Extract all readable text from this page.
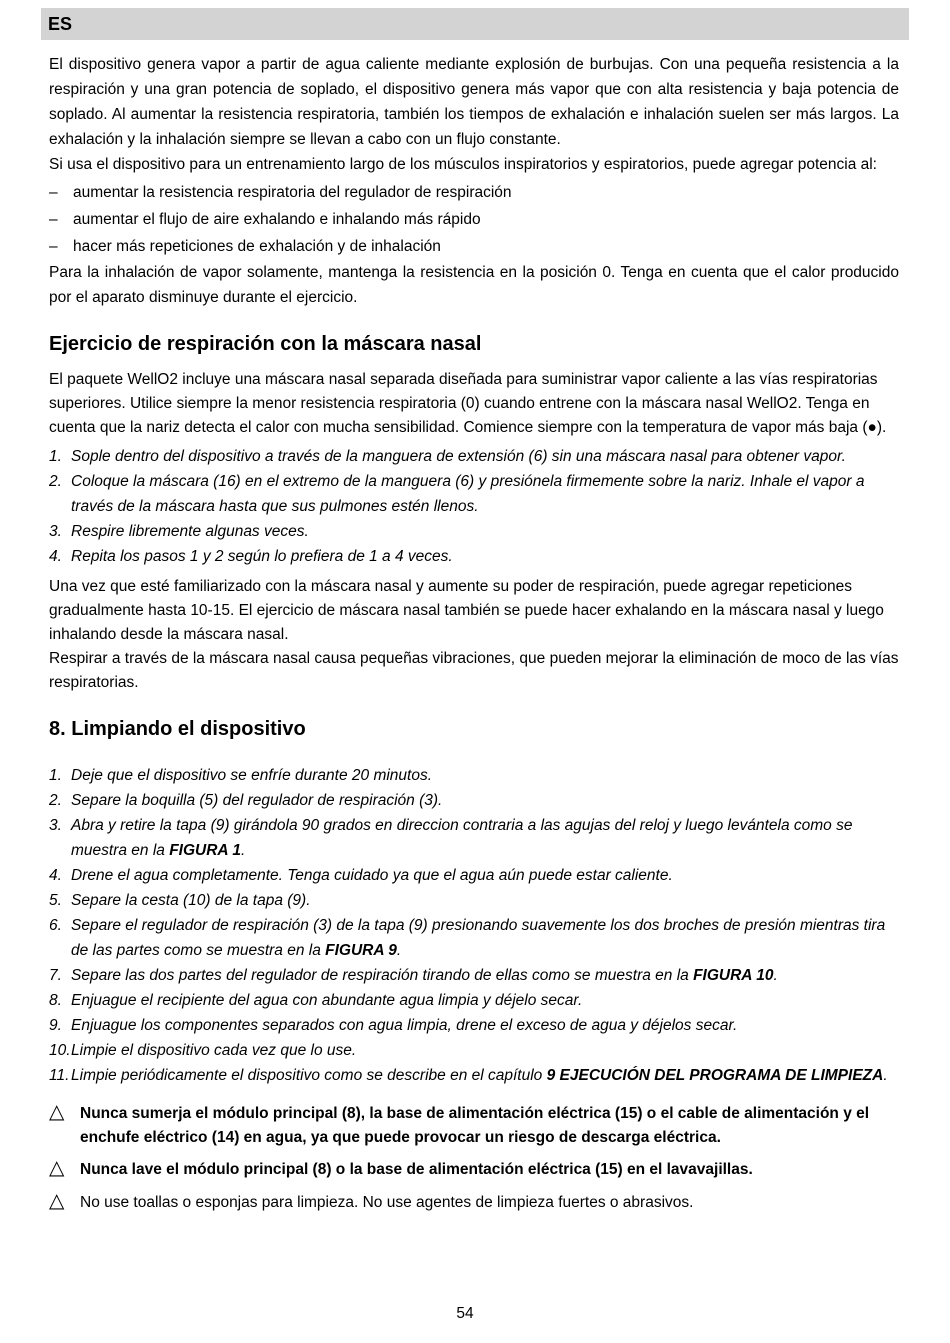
ES

El dispositivo genera vapor a partir de agua caliente mediante explosión de burbujas. Con una pequeña resistencia a la respiración y una gran potencia de soplado, el dispositivo genera más vapor que con alta resistencia y baja potencia de soplado. Al aumentar la resistencia respiratoria, también los tiempos de exhalación e inhalación suelen ser más largos. La exhalación y la inhalación siempre se llevan a cabo con un flujo constante.

Si usa el dispositivo para un entrenamiento largo de los músculos inspiratorios y espiratorios, puede agregar potencia al:

– aumentar la resistencia respiratoria del regulador de respiración
– aumentar el flujo de aire exhalando e inhalando más rápido
– hacer más repeticiones de exhalación y de inhalación

Para la inhalación de vapor solamente, mantenga la resistencia en la posición 0. Tenga en cuenta que el calor producido por el aparato disminuye durante el ejercicio.

Ejercicio de respiración con la máscara nasal

El paquete WellO2 incluye una máscara nasal separada diseñada para suministrar vapor caliente a las vías respiratorias superiores. Utilice siempre la menor resistencia respiratoria (0) cuando entrene con la máscara nasal WellO2. Tenga en cuenta que la nariz detecta el calor con mucha sensibilidad. Comience siempre con la temperatura de vapor más baja (●).

1. Sople dentro del dispositivo a través de la manguera de extensión (6) sin una máscara nasal para obtener vapor.
2. Coloque la máscara (16) en el extremo de la manguera (6) y presiónela firmemente sobre la nariz. Inhale el vapor a través de la máscara hasta que sus pulmones estén llenos.
3. Respire libremente algunas veces.
4. Repita los pasos 1 y 2 según lo prefiera de 1 a 4 veces.

Una vez que esté familiarizado con la máscara nasal y aumente su poder de respiración, puede agregar repeticiones gradualmente hasta 10-15. El ejercicio de máscara nasal también se puede hacer exhalando en la máscara nasal y luego inhalando desde la máscara nasal.

Respirar a través de la máscara nasal causa pequeñas vibraciones, que pueden mejorar la eliminación de moco de las vías respiratorias.

8. Limpiando el dispositivo
1. Deje que el dispositivo se enfríe durante 20 minutos.
2. Separe la boquilla (5) del regulador de respiración (3).
3. Abra y retire la tapa (9) girándola 90 grados en direccion contraria a las agujas del reloj y luego levántela como se muestra en la FIGURA 1.
4. Drene el agua completamente. Tenga cuidado ya que el agua aún puede estar caliente.
5. Separe la cesta (10) de la tapa (9).
6. Separe el regulador de respiración (3) de la tapa (9) presionando suavemente los dos broches de presión mientras tira de las partes como se muestra en la FIGURA 9.
7. Separe las dos partes del regulador de respiración tirando de ellas como se muestra en la FIGURA 10.
8. Enjuague el recipiente del agua con abundante agua limpia y déjelo secar.
9. Enjuague los componentes separados con agua limpia, drene el exceso de agua y déjelos secar.
10. Limpie el dispositivo cada vez que lo use.
11. Limpie periódicamente el dispositivo como se describe en el capítulo 9 EJECUCIÓN DEL PROGRAMA DE LIMPIEZA.
△ Nunca sumerja el módulo principal (8), la base de alimentación eléctrica (15) o el cable de alimentación y el enchufe eléctrico (14) en agua, ya que puede provocar un riesgo de descarga eléctrica.
△ Nunca lave el módulo principal (8) o la base de alimentación eléctrica (15) en el lavavajillas.
△ No use toallas o esponjas para limpieza. No use agentes de limpieza fuertes o abrasivos.
54
